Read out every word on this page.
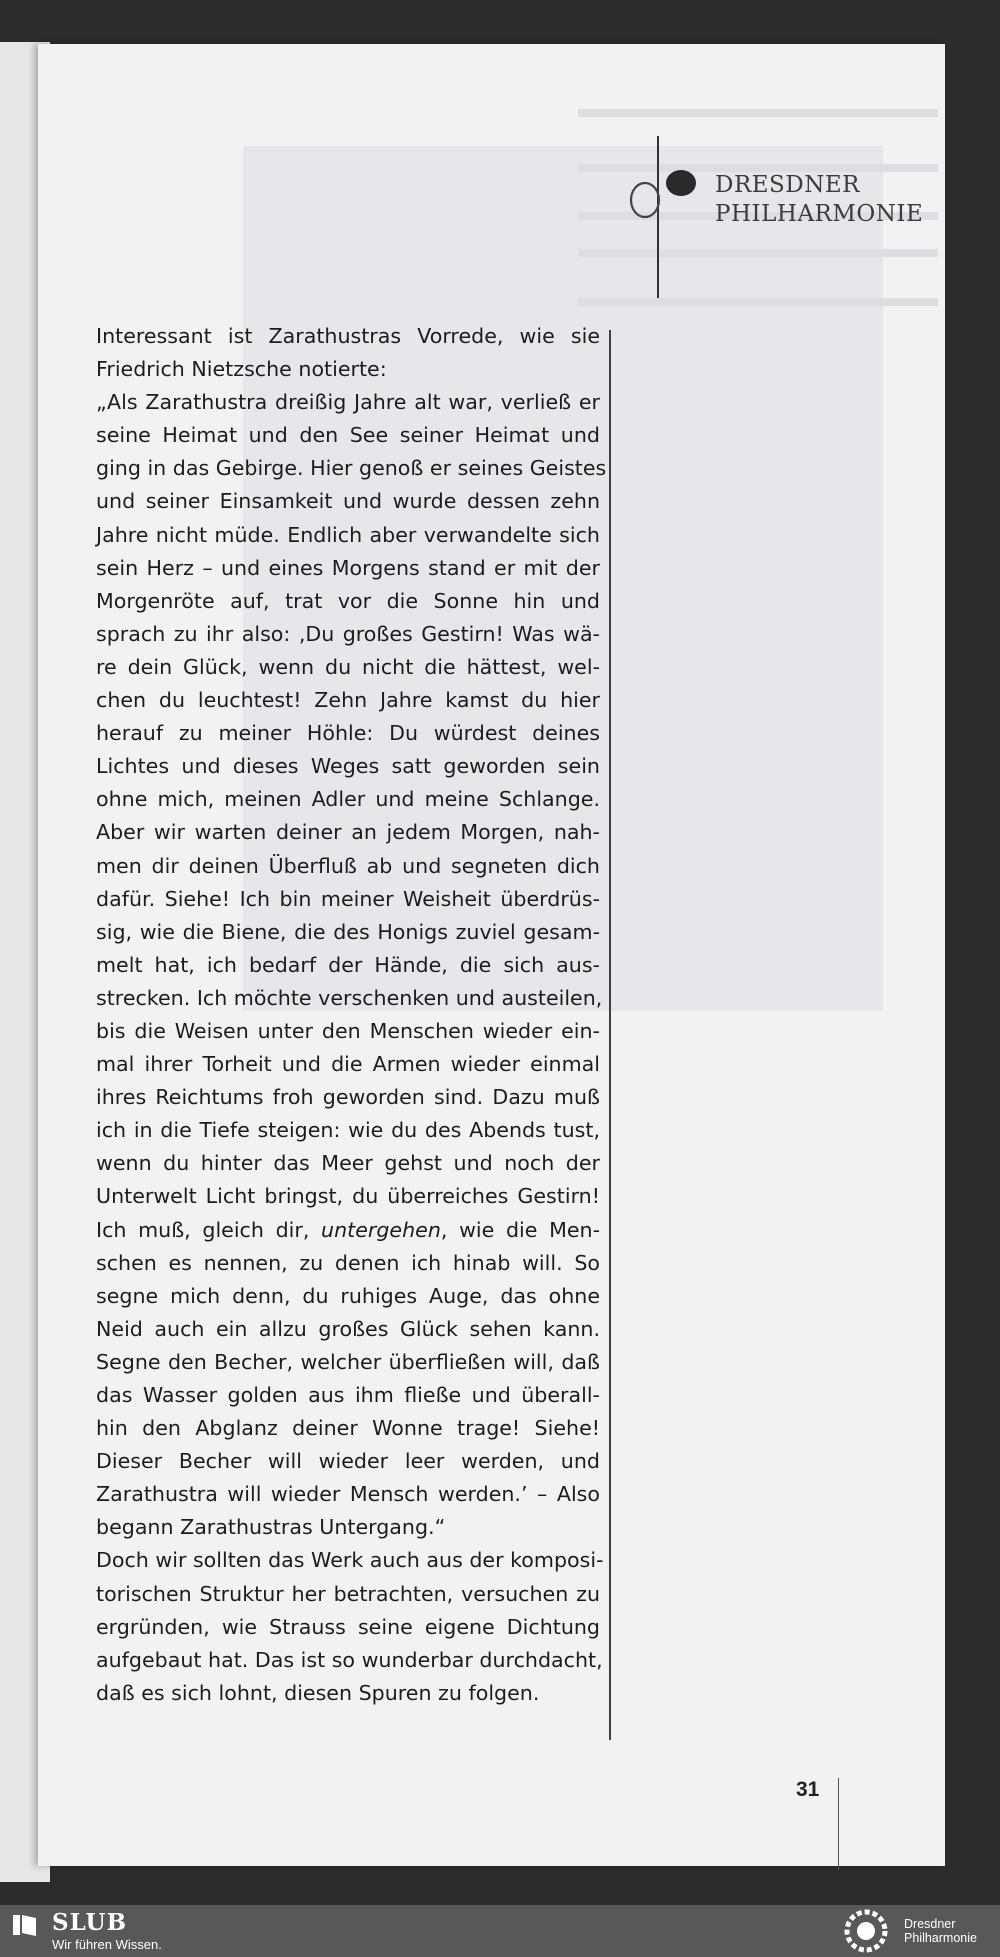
DRESDNER
PHILHARMONIE
Interessant ist Zarathustras Vorrede, wie sie
Friedrich Nietzsche notierte:
„Als Zarathustra dreißig Jahre alt war, verließ er
seine Heimat und den See seiner Heimat und
ging in das Gebirge. Hier genoß er seines Geistes
und seiner Einsamkeit und wurde dessen zehn
Jahre nicht müde. Endlich aber verwandelte sich
sein Herz – und eines Morgens stand er mit der
Morgenröte auf, trat vor die Sonne hin und
sprach zu ihr also: ‚Du großes Gestirn! Was wä-
re dein Glück, wenn du nicht die hättest, wel-
chen du leuchtest! Zehn Jahre kamst du hier
herauf zu meiner Höhle: Du würdest deines
Lichtes und dieses Weges satt geworden sein
ohne mich, meinen Adler und meine Schlange.
Aber wir warten deiner an jedem Morgen, nah-
men dir deinen Überfluß ab und segneten dich
dafür. Siehe! Ich bin meiner Weisheit überdrüs-
sig, wie die Biene, die des Honigs zuviel gesam-
melt hat, ich bedarf der Hände, die sich aus-
strecken. Ich möchte verschenken und austeilen,
bis die Weisen unter den Menschen wieder ein-
mal ihrer Torheit und die Armen wieder einmal
ihres Reichtums froh geworden sind. Dazu muß
ich in die Tiefe steigen: wie du des Abends tust,
wenn du hinter das Meer gehst und noch der
Unterwelt Licht bringst, du überreiches Gestirn!
Ich muß, gleich dir, untergehen, wie die Men-
schen es nennen, zu denen ich hinab will. So
segne mich denn, du ruhiges Auge, das ohne
Neid auch ein allzu großes Glück sehen kann.
Segne den Becher, welcher überfließen will, daß
das Wasser golden aus ihm fließe und überall-
hin den Abglanz deiner Wonne trage! Siehe!
Dieser Becher will wieder leer werden, und
Zarathustra will wieder Mensch werden.’ – Also
begann Zarathustras Untergang.“
Doch wir sollten das Werk auch aus der komposi-
torischen Struktur her betrachten, versuchen zu
ergründen, wie Strauss seine eigene Dichtung
aufgebaut hat. Das ist so wunderbar durchdacht,
daß es sich lohnt, diesen Spuren zu folgen.
31
SLUB
Wir führen Wissen.
Dresdner
Philharmonie
